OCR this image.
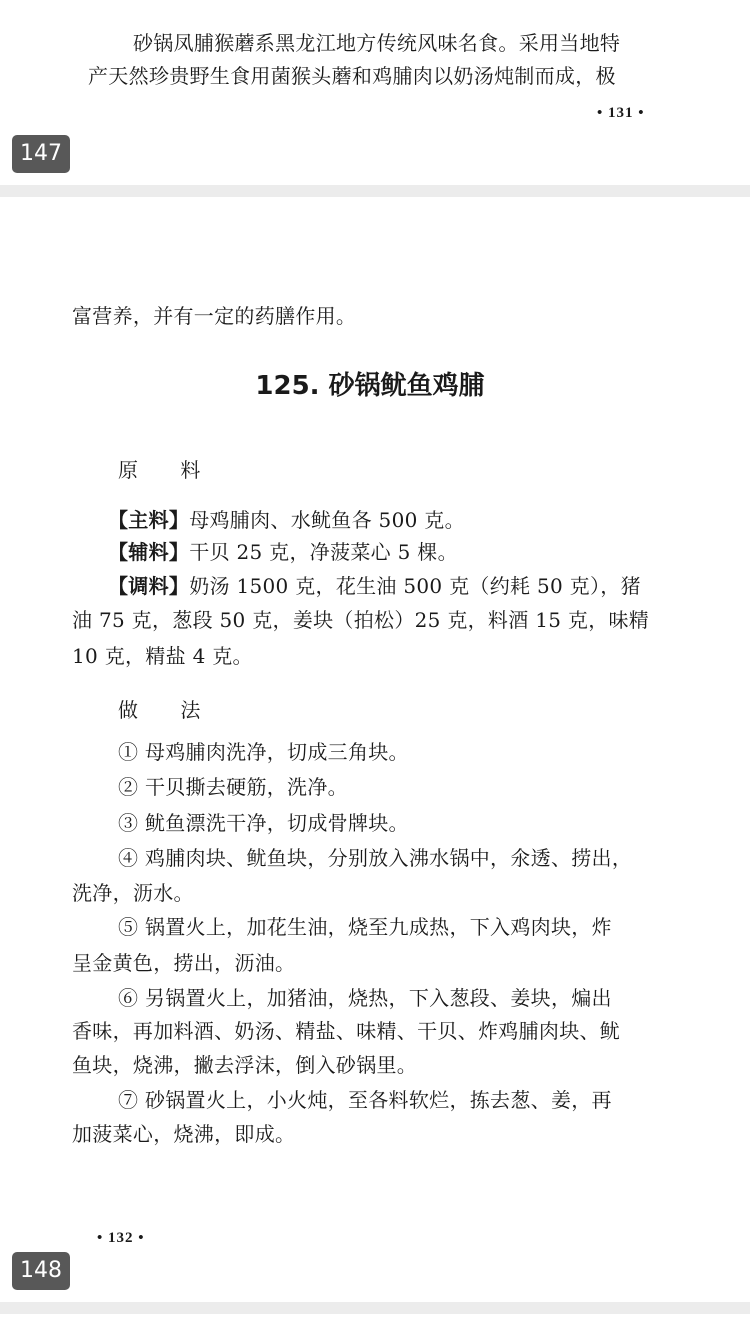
砂锅凤脯猴蘑系黑龙江地方传统风味名食。采用当地特
产天然珍贵野生食用菌猴头蘑和鸡脯肉以奶汤炖制而成，极
• 131 •
147
富营养，并有一定的药膳作用。
125. 砂锅鱿鱼鸡脯
原 料
【主料】母鸡脯肉、水鱿鱼各 500 克。
【辅料】干贝 25 克，净菠菜心 5 棵。
【调料】奶汤 1500 克，花生油 500 克（约耗 50 克），猪
油 75 克，葱段 50 克，姜块（拍松）25 克，料酒 15 克，味精
10 克，精盐 4 克。
做 法
① 母鸡脯肉洗净，切成三角块。
② 干贝撕去硬筋，洗净。
③ 鱿鱼漂洗干净，切成骨牌块。
④ 鸡脯肉块、鱿鱼块，分别放入沸水锅中，氽透、捞出，
洗净，沥水。
⑤ 锅置火上，加花生油，烧至九成热，下入鸡肉块，炸
呈金黄色，捞出，沥油。
⑥ 另锅置火上，加猪油，烧热，下入葱段、姜块，煸出
香味，再加料酒、奶汤、精盐、味精、干贝、炸鸡脯肉块、鱿
鱼块，烧沸，撇去浮沫，倒入砂锅里。
⑦ 砂锅置火上，小火炖，至各料软烂，拣去葱、姜，再
加菠菜心，烧沸，即成。
• 132 •
148
